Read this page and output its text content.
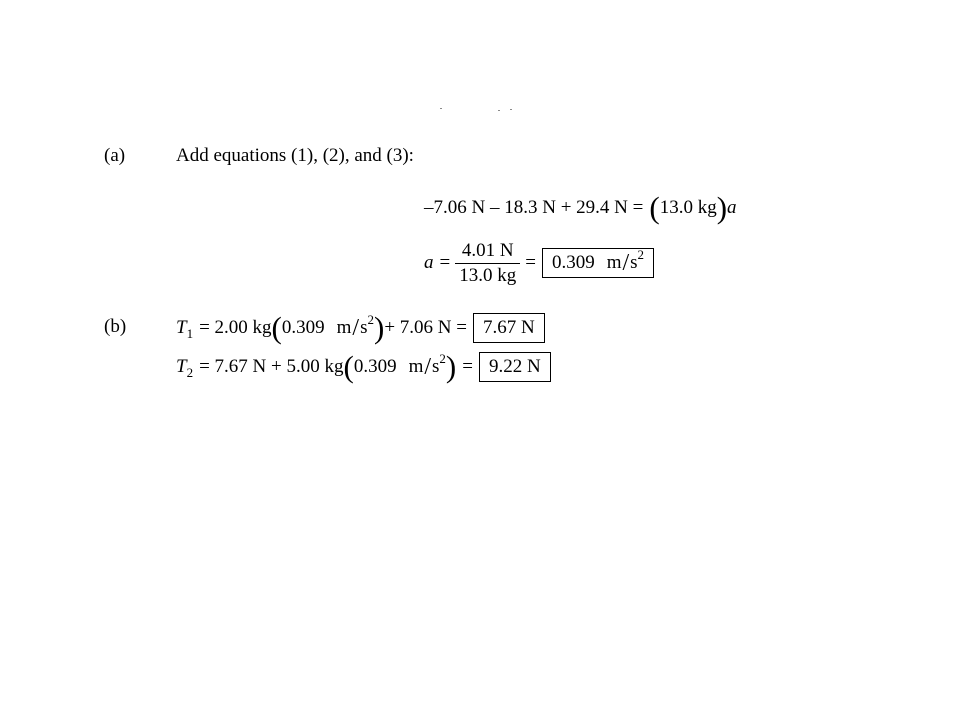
(a)	Add equations (1), (2), and (3):
–7.06 N – 18.3 N + 29.4 N = ( 13.0 kg ) a
$a = \frac{4.01 N}{13.0 kg} = 0.309$ m / s 2
(b)	T 1 = 2.00 kg ( 0.309 m / s 2 ) + 7.06 N = 7.67 N
T 2 = 7.67 N + 5.00 kg ( 0.309 m / s 2 ) = 9.22 N
